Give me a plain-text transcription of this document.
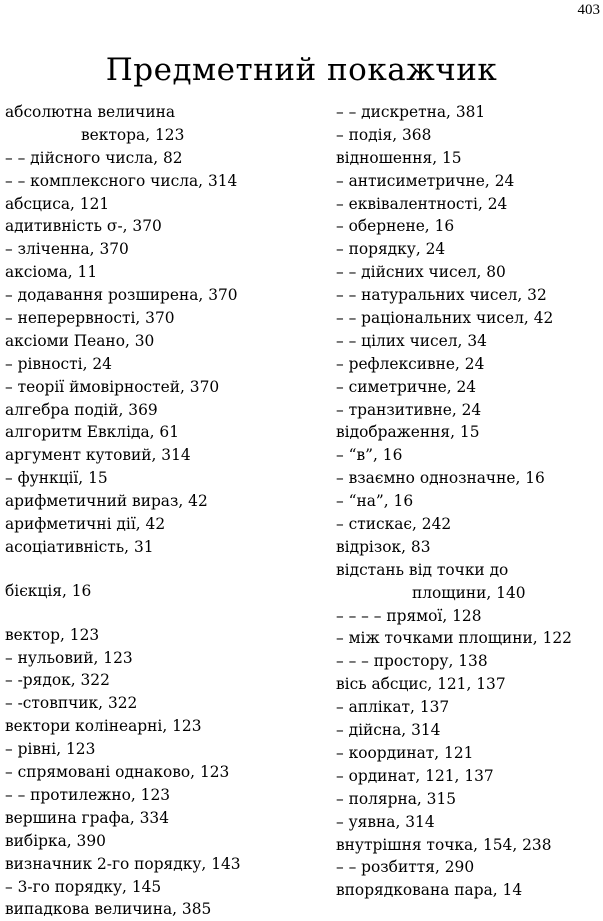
403
Предметний покажчик
абсолютна величина
вектора, 123
– – дійсного числа, 82
– – комплексного числа, 314
абсциса, 121
адитивність σ-, 370
– зліченна, 370
аксіома, 11
– додавання розширена, 370
– неперервності, 370
аксіоми Пеано, 30
– рівності, 24
– теорії ймовірностей, 370
алгебра подій, 369
алгоритм Евкліда, 61
аргумент кутовий, 314
– функції, 15
арифметичний вираз, 42
арифметичні дії, 42
асоціативність, 31
бієкція, 16
вектор, 123
– нульовий, 123
– -рядок, 322
– -стовпчик, 322
вектори колінеарні, 123
– рівні, 123
– спрямовані однаково, 123
– – протилежно, 123
вершина графа, 334
вибірка, 390
визначник 2-го порядку, 143
– 3-го порядку, 145
випадкова величина, 385
– – дискретна, 381
– подія, 368
відношення, 15
– антисиметричне, 24
– еквівалентності, 24
– обернене, 16
– порядку, 24
– – дійсних чисел, 80
– – натуральних чисел, 32
– – раціональних чисел, 42
– – цілих чисел, 34
– рефлексивне, 24
– симетричне, 24
– транзитивне, 24
відображення, 15
– “в”, 16
– взаємно однозначне, 16
– “на”, 16
– стискає, 242
відрізок, 83
відстань від точки до
площини, 140
– – – – прямої, 128
– між точками площини, 122
– – – простору, 138
вісь абсцис, 121, 137
– аплікат, 137
– дійсна, 314
– координат, 121
– ординат, 121, 137
– полярна, 315
– уявна, 314
внутрішня точка, 154, 238
– – розбиття, 290
впорядкована пара, 14
